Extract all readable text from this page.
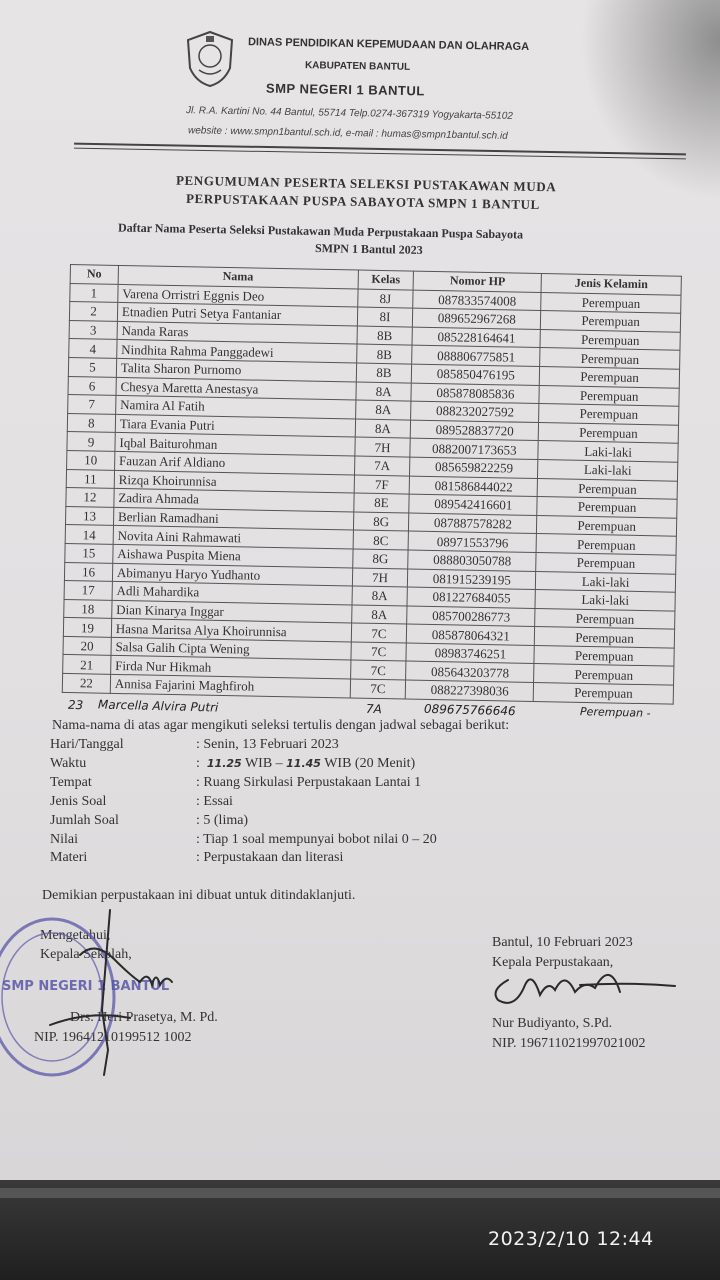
DINAS PENDIDIKAN KEPEMUDAAN DAN OLAHRAGA
KABUPATEN BANTUL
SMP NEGERI 1 BANTUL
Jl. R.A. Kartini No. 44 Bantul, 55714 Telp.0274-367319 Yogyakarta-55102
website : www.smpn1bantul.sch.id, e-mail : humas@smpn1bantul.sch.id
PENGUMUMAN PESERTA SELEKSI PUSTAKAWAN MUDA
PERPUSTAKAAN PUSPA SABAYOTA SMPN 1 BANTUL
Daftar Nama Peserta Seleksi Pustakawan Muda Perpustakaan Puspa Sabayota
SMPN 1 Bantul 2023
No	Nama	Kelas	Nomor HP	Jenis Kelamin
1	Varena Orristri Eggnis Deo	8J	087833574008	Perempuan
2	Etnadien Putri Setya Fantaniar	8I	089652967268	Perempuan
3	Nanda Raras	8B	085228164641	Perempuan
4	Nindhita Rahma Panggadewi	8B	088806775851	Perempuan
5	Talita Sharon Purnomo	8B	085850476195	Perempuan
6	Chesya Maretta Anestasya	8A	085878085836	Perempuan
7	Namira Al Fatih	8A	088232027592	Perempuan
8	Tiara Evania Putri	8A	089528837720	Perempuan
9	Iqbal Baiturohman	7H	0882007173653	Laki-laki
10	Fauzan Arif Aldiano	7A	085659822259	Laki-laki
11	Rizqa Khoirunnisa	7F	081586844022	Perempuan
12	Zadira Ahmada	8E	089542416601	Perempuan
13	Berlian Ramadhani	8G	087887578282	Perempuan
14	Novita Aini Rahmawati	8C	08971553796	Perempuan
15	Aishawa Puspita Miena	8G	088803050788	Perempuan
16	Abimanyu Haryo Yudhanto	7H	081915239195	Laki-laki
17	Adli Mahardika	8A	081227684055	Laki-laki
18	Dian Kinarya Inggar	8A	085700286773	Perempuan
19	Hasna Maritsa Alya Khoirunnisa	7C	085878064321	Perempuan
20	Salsa Galih Cipta Wening	7C	08983746251	Perempuan
21	Firda Nur Hikmah	7C	085643203778	Perempuan
22	Annisa Fajarini Maghfiroh	7C	088227398036	Perempuan
23 Marcella Alvira Putri	7A	089675766646	Perempuan -
Nama-nama di atas agar mengikuti seleksi tertulis dengan jadwal sebagai berikut:
Hari/Tanggal	: Senin, 13 Februari 2023
Waktu	:  11.25 WIB – 11.45 WIB (20 Menit)
Tempat	: Ruang Sirkulasi Perpustakaan Lantai 1
Jenis Soal	: Essai
Jumlah Soal	: 5 (lima)
Nilai	: Tiap 1 soal mempunyai bobot nilai 0 – 20
Materi	: Perpustakaan dan literasi
Demikian perpustakaan ini dibuat untuk ditindaklanjuti.
Mengetahui,
Kepala Sekolah,
Drs. Heri Prasetya, M. Pd.
NIP. 19641210199512 1002
Bantul, 10 Februari 2023
Kepala Perpustakaan,
Nur Budiyanto, S.Pd.
NIP. 196711021997021002
SMP NEGERI 1 BANTUL
2023/2/10 12:44
